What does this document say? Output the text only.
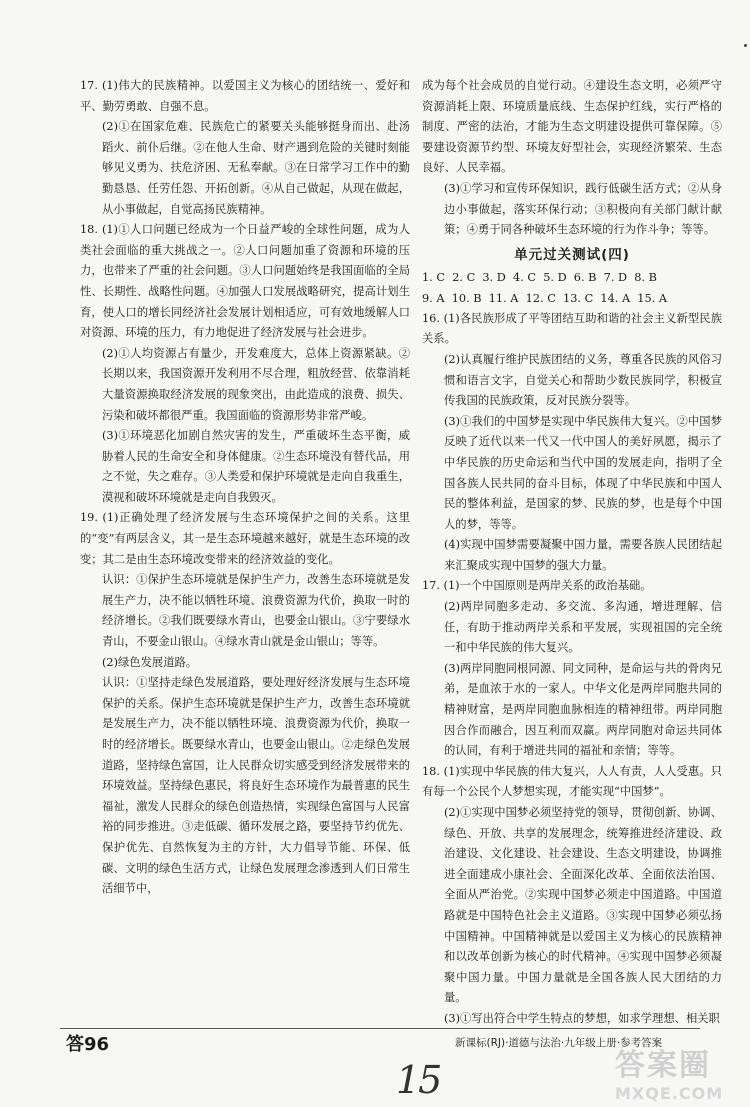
17. (1)伟大的民族精神。以爱国主义为核心的团结统一、爱好和平、勤劳勇敢、自强不息。

(2)①在国家危难、民族危亡的紧要关头能够挺身而出、赴汤蹈火、前仆后继。②在他人生命、财产遇到危险的关键时刻能够见义勇为、扶危济困、无私奉献。③在日常学习工作中的勤勤恳恳、任劳任怨、开拓创新。④从自己做起，从现在做起，从小事做起，自觉高扬民族精神。

18. (1)①人口问题已经成为一个日益严峻的全球性问题，成为人类社会面临的重大挑战之一。②人口问题加重了资源和环境的压力，也带来了严重的社会问题。③人口问题始终是我国面临的全局性、长期性、战略性问题。④加强人口发展战略研究，提高计划生育，使人口的增长同经济社会发展计划相适应，可有效地缓解人口对资源、环境的压力，有力地促进了经济发展与社会进步。

(2)①人均资源占有量少，开发难度大，总体上资源紧缺。②长期以来，我国资源开发利用不尽合理，粗放经营、依靠消耗大量资源换取经济发展的现象突出，由此造成的浪费、损失、污染和破坏都很严重。我国面临的资源形势非常严峻。

(3)①环境恶化加剧自然灾害的发生，严重破坏生态平衡，威胁着人民的生命安全和身体健康。②生态环境没有替代品，用之不觉，失之难存。③人类爱和保护环境就是走向自我重生，漠视和破坏环境就是走向自我毁灭。

19. (1)正确处理了经济发展与生态环境保护之间的关系。这里的“变”有两层含义，其一是生态环境越来越好，就是生态环境的改变；其二是由生态环境改变带来的经济效益的变化。

认识：①保护生态环境就是保护生产力，改善生态环境就是发展生产力，决不能以牺牲环境、浪费资源为代价，换取一时的经济增长。②我们既要绿水青山，也要金山银山。③宁要绿水青山，不要金山银山。④绿水青山就是金山银山；等等。

(2)绿色发展道路。

认识：①坚持走绿色发展道路，要处理好经济发展与生态环境保护的关系。保护生态环境就是保护生产力，改善生态环境就是发展生产力，决不能以牺牲环境、浪费资源为代价，换取一时的经济增长。既要绿水青山，也要金山银山。②走绿色发展道路，坚持绿色富国，让人民群众切实感受到经济发展带来的环境效益。坚持绿色惠民，将良好生态环境作为最普惠的民生福祉，激发人民群众的绿色创造热情，实现绿色富国与人民富裕的同步推进。③走低碳、循环发展之路，要坚持节约优先、保护优先、自然恢复为主的方针，大力倡导节能、环保、低碳、文明的绿色生活方式，让绿色发展理念渗透到人们日常生活细节中，

成为每个社会成员的自觉行动。④建设生态文明，必须严守资源消耗上限、环境质量底线、生态保护红线，实行严格的制度、严密的法治，才能为生态文明建设提供可靠保障。⑤要建设资源节约型、环境友好型社会，实现经济繁荣、生态良好、人民幸福。

(3)①学习和宣传环保知识，践行低碳生活方式；②从身边小事做起，落实环保行动；③积极向有关部门献计献策；④勇于同各种破坏生态环境的行为作斗争；等等。

单元过关测试(四)

1. C  2. C  3. D  4. C  5. D  6. B  7. D  8. B

9. A  10. B  11. A  12. C  13. C  14. A  15. A

16. (1)各民族形成了平等团结互助和谐的社会主义新型民族关系。

(2)认真履行维护民族团结的义务，尊重各民族的风俗习惯和语言文字，自觉关心和帮助少数民族同学，积极宣传我国的民族政策，反对民族分裂等。

(3)①我们的中国梦是实现中华民族伟大复兴。②中国梦反映了近代以来一代又一代中国人的美好夙愿，揭示了中华民族的历史命运和当代中国的发展走向，指明了全国各族人民共同的奋斗目标，体现了中华民族和中国人民的整体利益，是国家的梦、民族的梦，也是每个中国人的梦，等等。

(4)实现中国梦需要凝聚中国力量，需要各族人民团结起来汇聚成实现中国梦的强大力量。

17. (1)一个中国原则是两岸关系的政治基础。

(2)两岸同胞多走动、多交流、多沟通，增进理解、信任，有助于推动两岸关系和平发展，实现祖国的完全统一和中华民族的伟大复兴。

(3)两岸同胞同根同源、同文同种，是命运与共的骨肉兄弟，是血浓于水的一家人。中华文化是两岸同胞共同的精神财富，是两岸同胞血脉相连的精神纽带。两岸同胞因合作而融合，因互利而双赢。两岸同胞对命运共同体的认同，有利于增进共同的福祉和亲情；等等。

18. (1)实现中华民族的伟大复兴，人人有责，人人受惠。只有每一个公民个人梦想实现，才能实现“中国梦”。

(2)①实现中国梦必须坚持党的领导，贯彻创新、协调、绿色、开放、共享的发展理念，统筹推进经济建设、政治建设、文化建设、社会建设、生态文明建设，协调推进全面建成小康社会、全面深化改革、全面依法治国、全面从严治党。②实现中国梦必须走中国道路。中国道路就是中国特色社会主义道路。③实现中国梦必须弘扬中国精神。中国精神就是以爱国主义为核心的民族精神和以改革创新为核心的时代精神。④实现中国梦必须凝聚中国力量。中国力量就是全国各族人民大团结的力量。

(3)①写出符合中学生特点的梦想，如求学理想、相关职

答96	新课标(RJ)·道德与法治·九年级上册·参考答案
15	答案圈
MXQE.COM
